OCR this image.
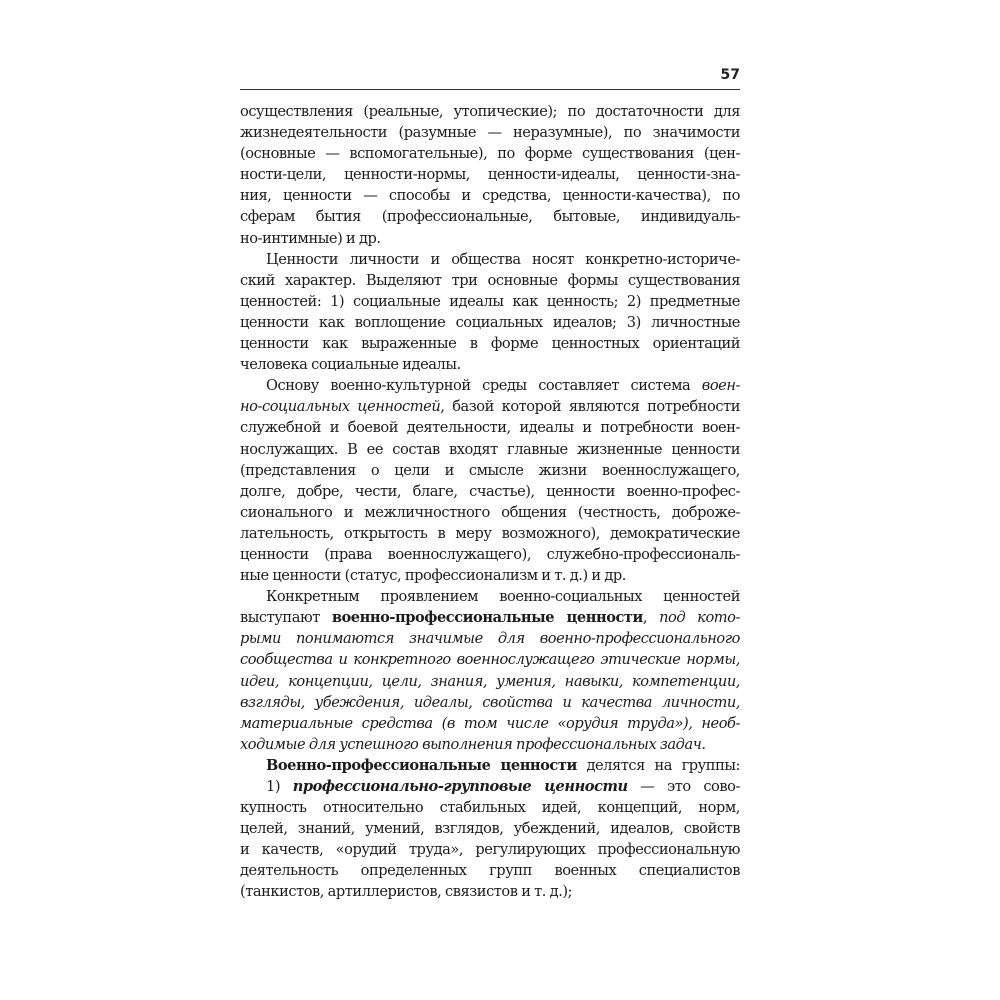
57

осуществления (реальные, утопические); по достаточности для
жизнедеятельности (разумные — неразумные), по значимости
(основные — вспомогательные), по форме существования (цен-
ности-цели, ценности-нормы, ценности-идеалы, ценности-зна-
ния, ценности — способы и средства, ценности-качества), по
сферам бытия (профессиональные, бытовые, индивидуаль-

но-интимные) и др.

Ценности личности и общества носят конкретно-историче-

ский характер. Выделяют три основные формы существования
ценностей: 1) социальные идеалы как ценность; 2) предметные
ценности как воплощение социальных идеалов; 3) личностные
ценности как выраженные в форме ценностных ориентаций

человека социальные идеалы.

Основу военно-культурной среды составляет система воен-

но-социальных ценностей, базой которой являются потребности

служебной и боевой деятельности, идеалы и потребности воен-
нослужащих. В ее состав входят главные жизненные ценности
(представления о цели и смысле жизни военнослужащего,
долге, добре, чести, благе, счастье), ценности военно-профес-
сионального и межличностного общения (честность, доброже-
лательность, открытость в меру возможного), демократические
ценности (права военнослужащего), служебно-профессиональ-

ные ценности (статус, профессионализм и т. д.) и др.

Конкретным проявлением военно-социальных ценностей

выступают военно-профессиональные ценности, под кото-

рыми понимаются значимые для военно-профессионального
сообщества и конкретного военнослужащего этические нормы,
идеи, концепции, цели, знания, умения, навыки, компетенции,
взгляды, убеждения, идеалы, свойства и качества личности,
материальные средства (в том числе «орудия труда»), необ-

ходимые для успешного выполнения профессиональных задач.

Военно-профессиональные ценности делятся на группы:

1) профессионально-групповые ценности — это сово-

купность относительно стабильных идей, концепций, норм,
целей, знаний, умений, взглядов, убеждений, идеалов, свойств
и качеств, «орудий труда», регулирующих профессиональную
деятельность определенных групп военных специалистов

(танкистов, артиллеристов, связистов и т. д.);
